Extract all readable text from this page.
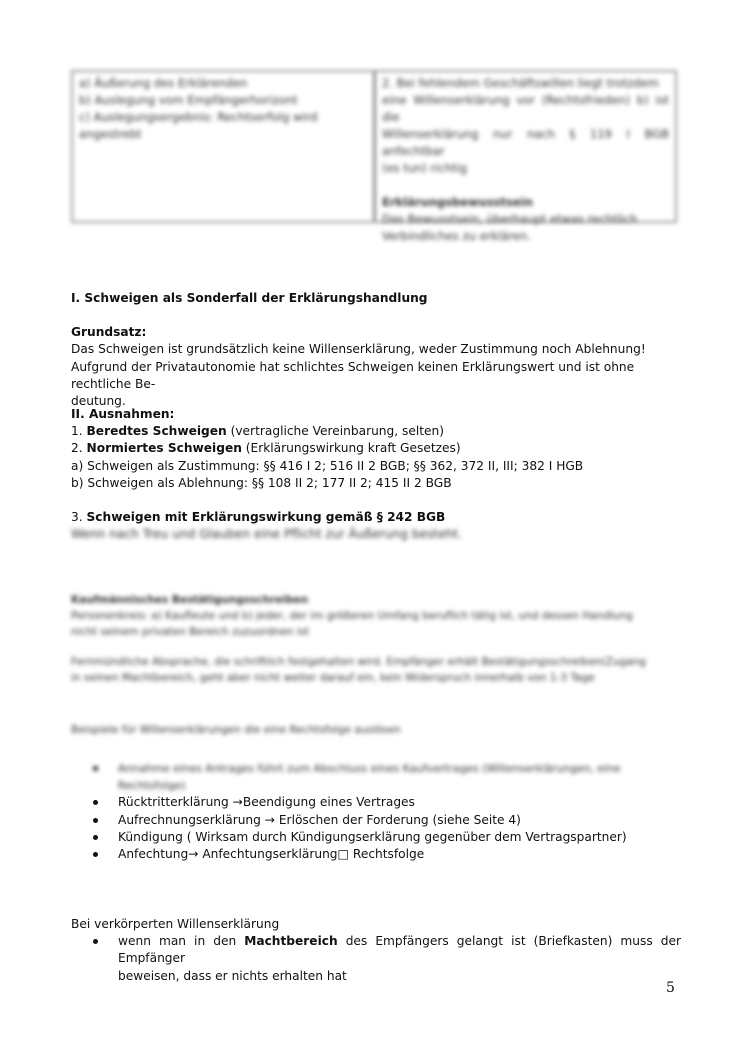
a) Äußerung des Erklärenden
b) Auslegung vom Empfängerhorizont
c) Auslegungsergebnis: Rechtserfolg wird
angestrebt
2. Bei fehlendem Geschäftswillen liegt trotzdem
eine Willenserklärung vor (Rechtsfrieden) b) ist die
Willenserklärung nur nach § 119 I BGB anfechtbar
(es tun) richtig
Erklärungsbewusstsein
Das Bewusstsein, überhaupt etwas rechtlich
Verbindliches zu erklären.
I. Schweigen als Sonderfall der Erklärungshandlung
Grundsatz:
Das Schweigen ist grundsätzlich keine Willenserklärung, weder Zustimmung noch Ablehnung!
Aufgrund der Privatautonomie hat schlichtes Schweigen keinen Erklärungswert und ist ohne rechtliche Be-
deutung.
II. Ausnahmen:
1. Beredtes Schweigen (vertragliche Vereinbarung, selten)
2. Normiertes Schweigen (Erklärungswirkung kraft Gesetzes)
a) Schweigen als Zustimmung: §§ 416 I 2; 516 II 2 BGB; §§ 362, 372 II, III; 382 I HGB
b) Schweigen als Ablehnung: §§ 108 II 2; 177 II 2; 415 II 2 BGB
3. Schweigen mit Erklärungswirkung gemäß § 242 BGB
Wenn nach Treu und Glauben eine Pflicht zur Äußerung besteht.
Kaufmännisches Bestätigungsschreiben
Personenkreis: a) Kaufleute und b) jeder, der im größeren Umfang beruflich tätig ist, und dessen Handlung
nicht seinem privaten Bereich zuzuordnen ist
Fernmündliche Absprache, die schriftlich festgehalten wird. Empfänger erhält Bestätigungsschreiben(Zugang
in seinen Machtbereich, geht aber nicht weiter darauf ein, kein Widerspruch innerhalb von 1-3 Tage
Beispiele für Willenserklärungen die eine Rechtsfolge auslösen
Annahme eines Antrages führt zum Abschluss eines Kaufvertrages (Willenserklärungen, eine
Rechtsfolge)
Rücktritterklärung →Beendigung eines Vertrages
Aufrechnungserklärung → Erlöschen der Forderung (siehe Seite 4)
Kündigung ( Wirksam durch Kündigungserklärung gegenüber dem Vertragspartner)
Anfechtung→ Anfechtungserklärung□ Rechtsfolge
Bei verkörperten Willenserklärung
wenn man in den Machtbereich des Empfängers gelangt ist (Briefkasten) muss der Empfänger
beweisen, dass er nichts erhalten hat
5
